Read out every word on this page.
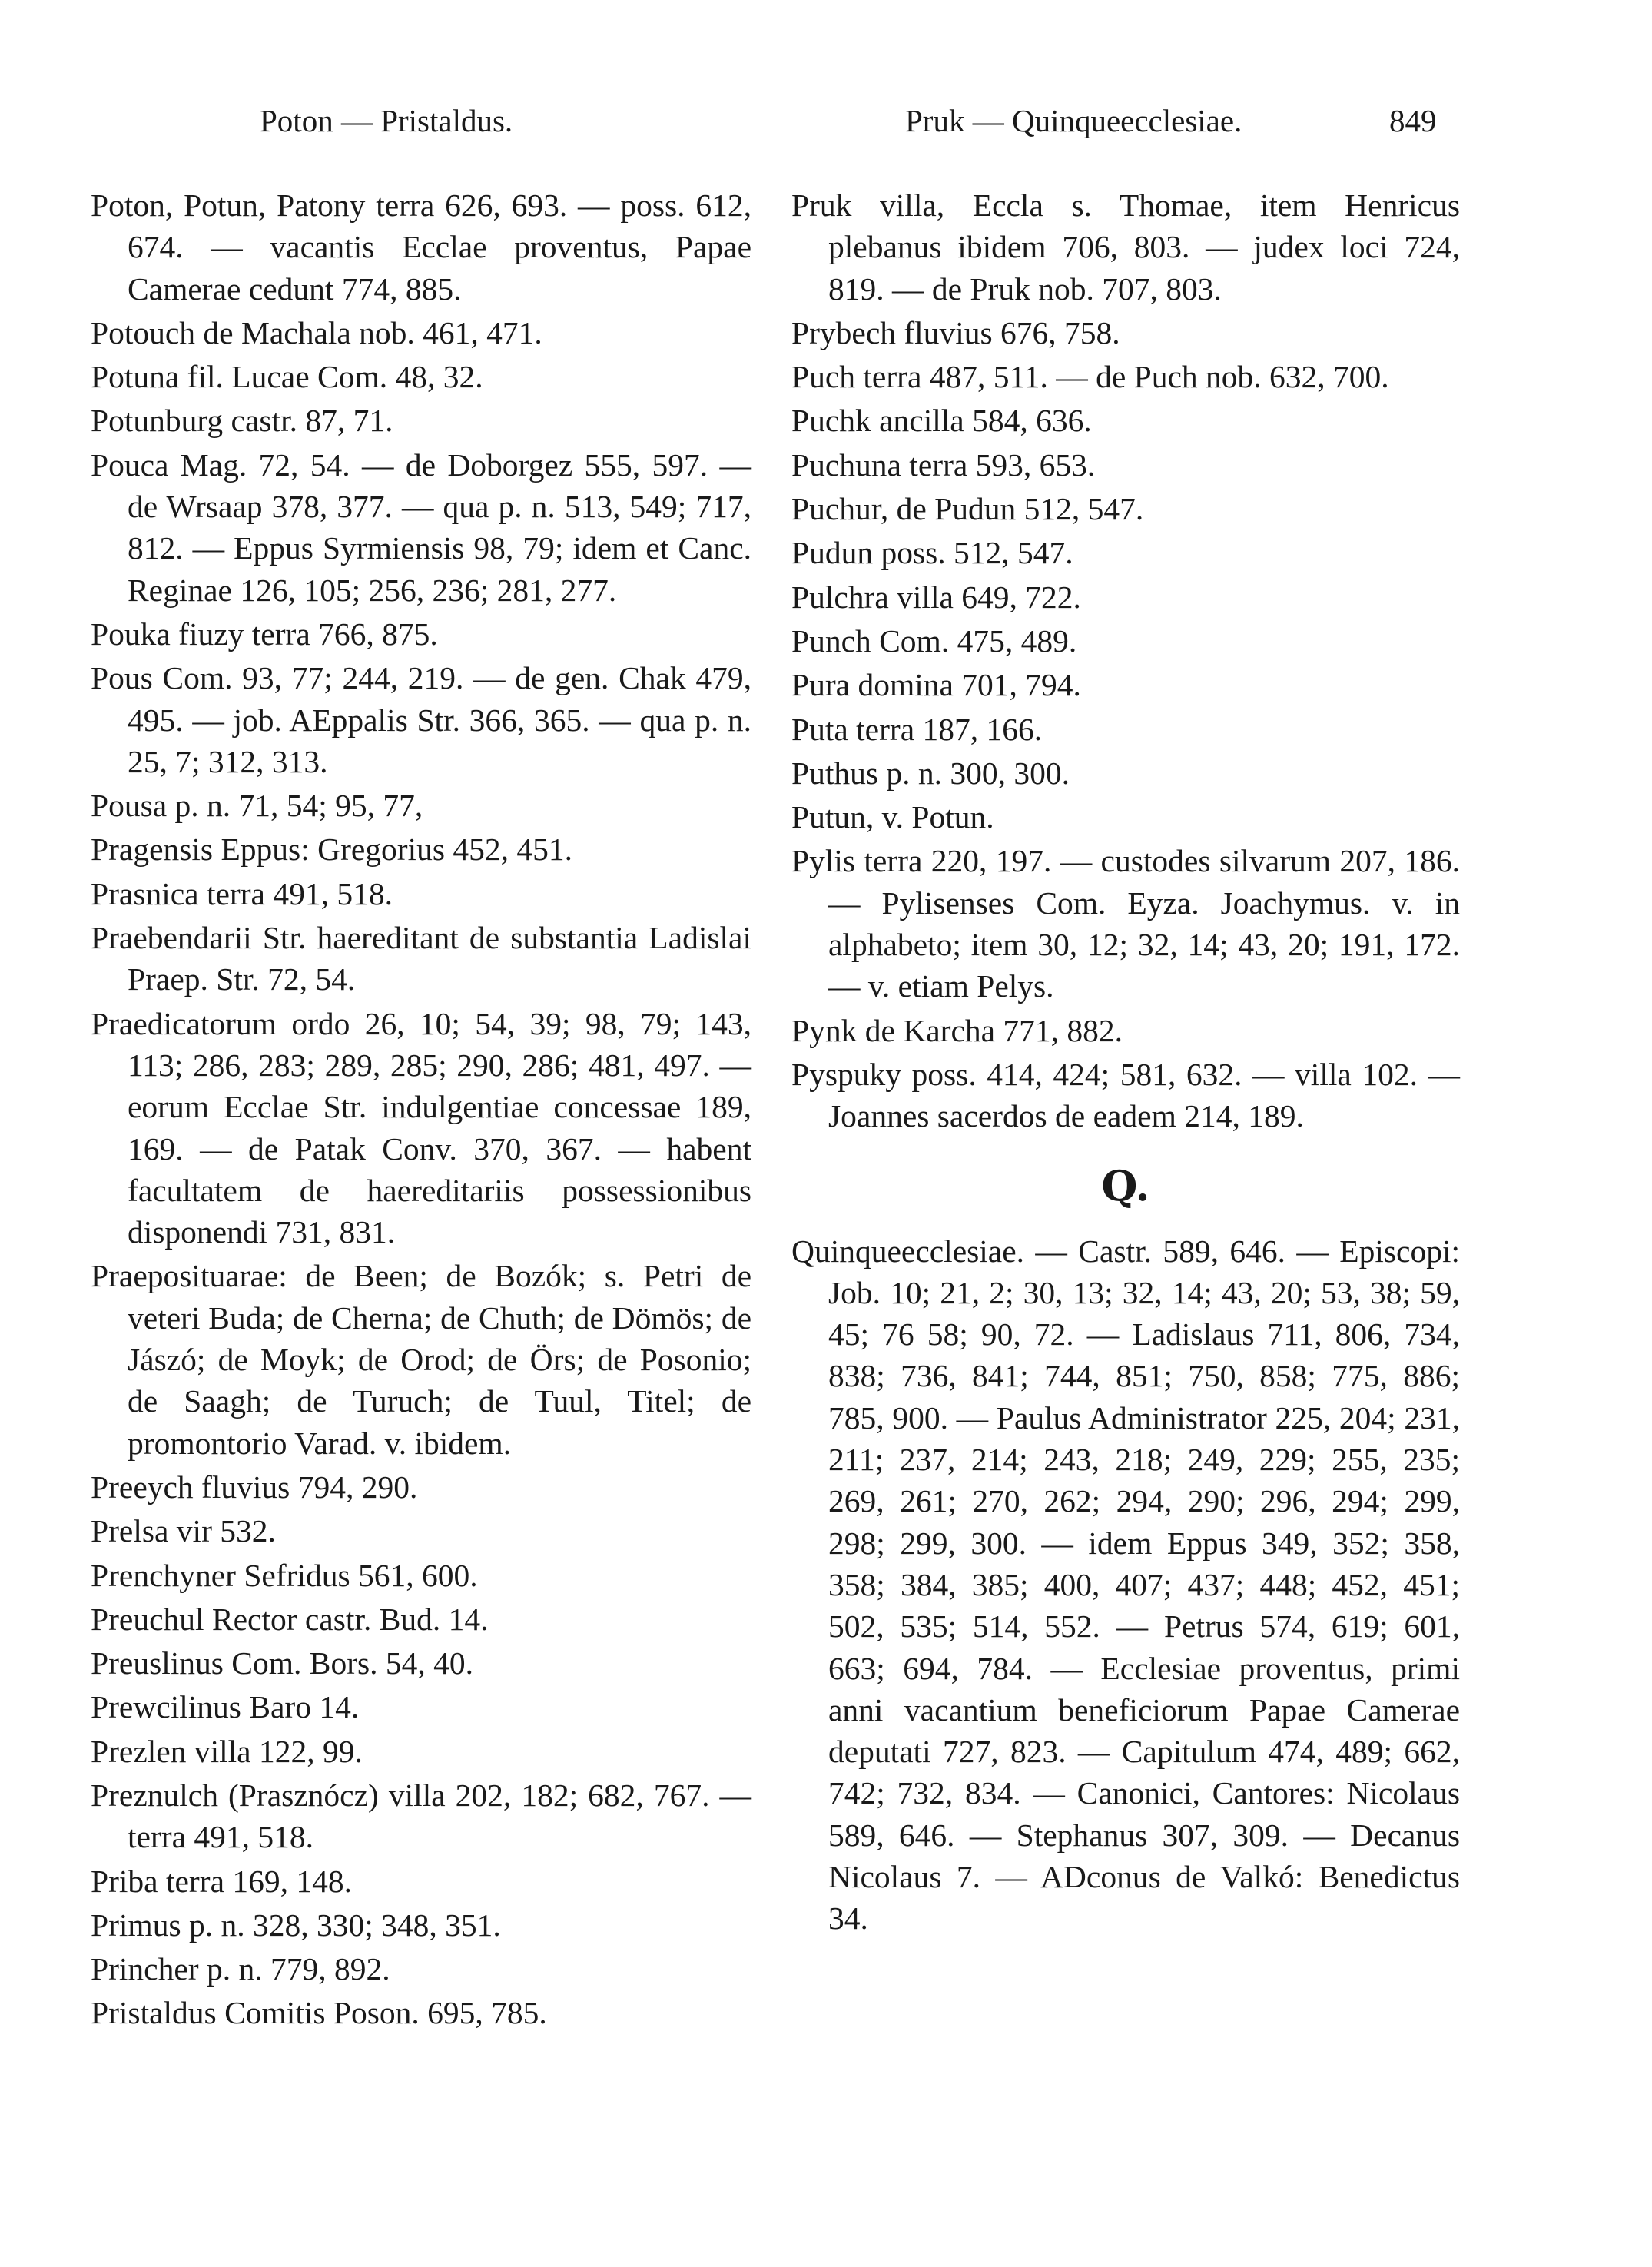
Poton — Pristaldus.	Pruk — Quinqueecclesiae.	849

Poton, Potun, Patony terra 626, 693. — poss. 612, 674. — vacantis Ecclae proventus, Papae Camerae cedunt 774, 885.

Potouch de Machala nob. 461, 471.

Potuna fil. Lucae Com. 48, 32.

Potunburg castr. 87, 71.

Pouca Mag. 72, 54. — de Doborgez 555, 597. — de Wrsaap 378, 377. — qua p. n. 513, 549; 717, 812. — Eppus Syrmiensis 98, 79; idem et Canc. Reginae 126, 105; 256, 236; 281, 277.

Pouka fiuzy terra 766, 875.

Pous Com. 93, 77; 244, 219. — de gen. Chak 479, 495. — job. AEppalis Str. 366, 365. — qua p. n. 25, 7; 312, 313.

Pousa p. n. 71, 54; 95, 77,

Pragensis Eppus: Gregorius 452, 451.

Prasnica terra 491, 518.

Praebendarii Str. haereditant de substantia Ladislai Praep. Str. 72, 54.

Praedicatorum ordo 26, 10; 54, 39; 98, 79; 143, 113; 286, 283; 289, 285; 290, 286; 481, 497. — eorum Ecclae Str. indulgentiae concessae 189, 169. — de Patak Conv. 370, 367. — habent facultatem de haereditariis possessionibus disponendi 731, 831.

Praeposituarae: de Been; de Bozók; s. Petri de veteri Buda; de Cherna; de Chuth; de Dömös; de Jászó; de Moyk; de Orod; de Örs; de Posonio; de Saagh; de Turuch; de Tuul, Titel; de promontorio Varad. v. ibidem.

Preeych fluvius 794, 290.

Prelsa vir 532.

Prenchyner Sefridus 561, 600.

Preuchul Rector castr. Bud. 14.

Preuslinus Com. Bors. 54, 40.

Prewcilinus Baro 14.

Prezlen villa 122, 99.

Preznulch (Prasznócz) villa 202, 182; 682, 767. — terra 491, 518.

Priba terra 169, 148.

Primus p. n. 328, 330; 348, 351.

Princher p. n. 779, 892.

Pristaldus Comitis Poson. 695, 785.

Pruk villa, Eccla s. Thomae, item Henricus plebanus ibidem 706, 803. — judex loci 724, 819. — de Pruk nob. 707, 803.

Prybech fluvius 676, 758.

Puch terra 487, 511. — de Puch nob. 632, 700.

Puchk ancilla 584, 636.

Puchuna terra 593, 653.

Puchur, de Pudun 512, 547.

Pudun poss. 512, 547.

Pulchra villa 649, 722.

Punch Com. 475, 489.

Pura domina 701, 794.

Puta terra 187, 166.

Puthus p. n. 300, 300.

Putun, v. Potun.

Pylis terra 220, 197. — custodes silvarum 207, 186. — Pylisenses Com. Eyza. Joachymus. v. in alphabeto; item 30, 12; 32, 14; 43, 20; 191, 172. — v. etiam Pelys.

Pynk de Karcha 771, 882.

Pyspuky poss. 414, 424; 581, 632. — villa 102. — Joannes sacerdos de eadem 214, 189.

Q.

Quinqueecclesiae. — Castr. 589, 646. — Episcopi: Job. 10; 21, 2; 30, 13; 32, 14; 43, 20; 53, 38; 59, 45; 76 58; 90, 72. — Ladislaus 711, 806, 734, 838; 736, 841; 744, 851; 750, 858; 775, 886; 785, 900. — Paulus Administrator 225, 204; 231, 211; 237, 214; 243, 218; 249, 229; 255, 235; 269, 261; 270, 262; 294, 290; 296, 294; 299, 298; 299, 300. — idem Eppus 349, 352; 358, 358; 384, 385; 400, 407; 437; 448; 452, 451; 502, 535; 514, 552. — Petrus 574, 619; 601, 663; 694, 784. — Ecclesiae proventus, primi anni vacantium beneficiorum Papae Camerae deputati 727, 823. — Capitulum 474, 489; 662, 742; 732, 834. — Canonici, Cantores: Nicolaus 589, 646. — Stephanus 307, 309. — Decanus Nicolaus 7. — ADconus de Valkó: Benedictus 34.
